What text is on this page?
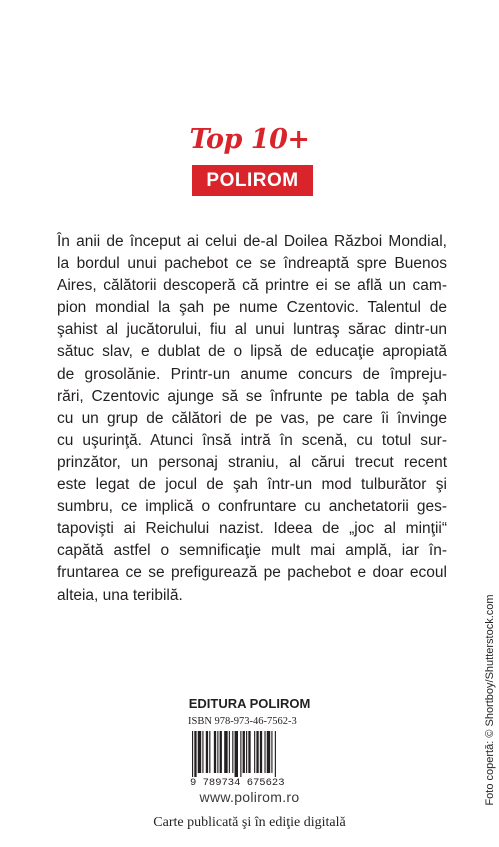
Top 10+
POLIROM
În anii de început ai celui de-al Doilea Război Mondial,
la bordul unui pachebot ce se îndreaptă spre Buenos
Aires, călătorii descoperă că printre ei se află un cam-
pion mondial la şah pe nume Czentovic. Talentul de
şahist al jucătorului, fiu al unui luntraş sărac dintr-un
sătuc slav, e dublat de o lipsă de educaţie apropiată
de grosolănie. Printr-un anume concurs de împreju-
rări, Czentovic ajunge să se înfrunte pe tabla de şah
cu un grup de călători de pe vas, pe care îi învinge
cu uşurinţă. Atunci însă intră în scenă, cu totul sur-
prinzător, un personaj straniu, al cărui trecut recent
este legat de jocul de şah într-un mod tulburător şi
sumbru, ce implică o confruntare cu anchetatorii ges-
tapovişti ai Reichului nazist. Ideea de „joc al minţii“
capătă astfel o semnificaţie mult mai amplă, iar în-
fruntarea ce se prefigurează pe pachebot e doar ecoul
alteia, una teribilă.	Foto copertă: © Shortboy/Shutterstock.com
EDITURA POLIROM
ISBN 978-973-46-7562-3
9 789734 675623
www.polirom.ro
Carte publicată şi în ediţie digitală
